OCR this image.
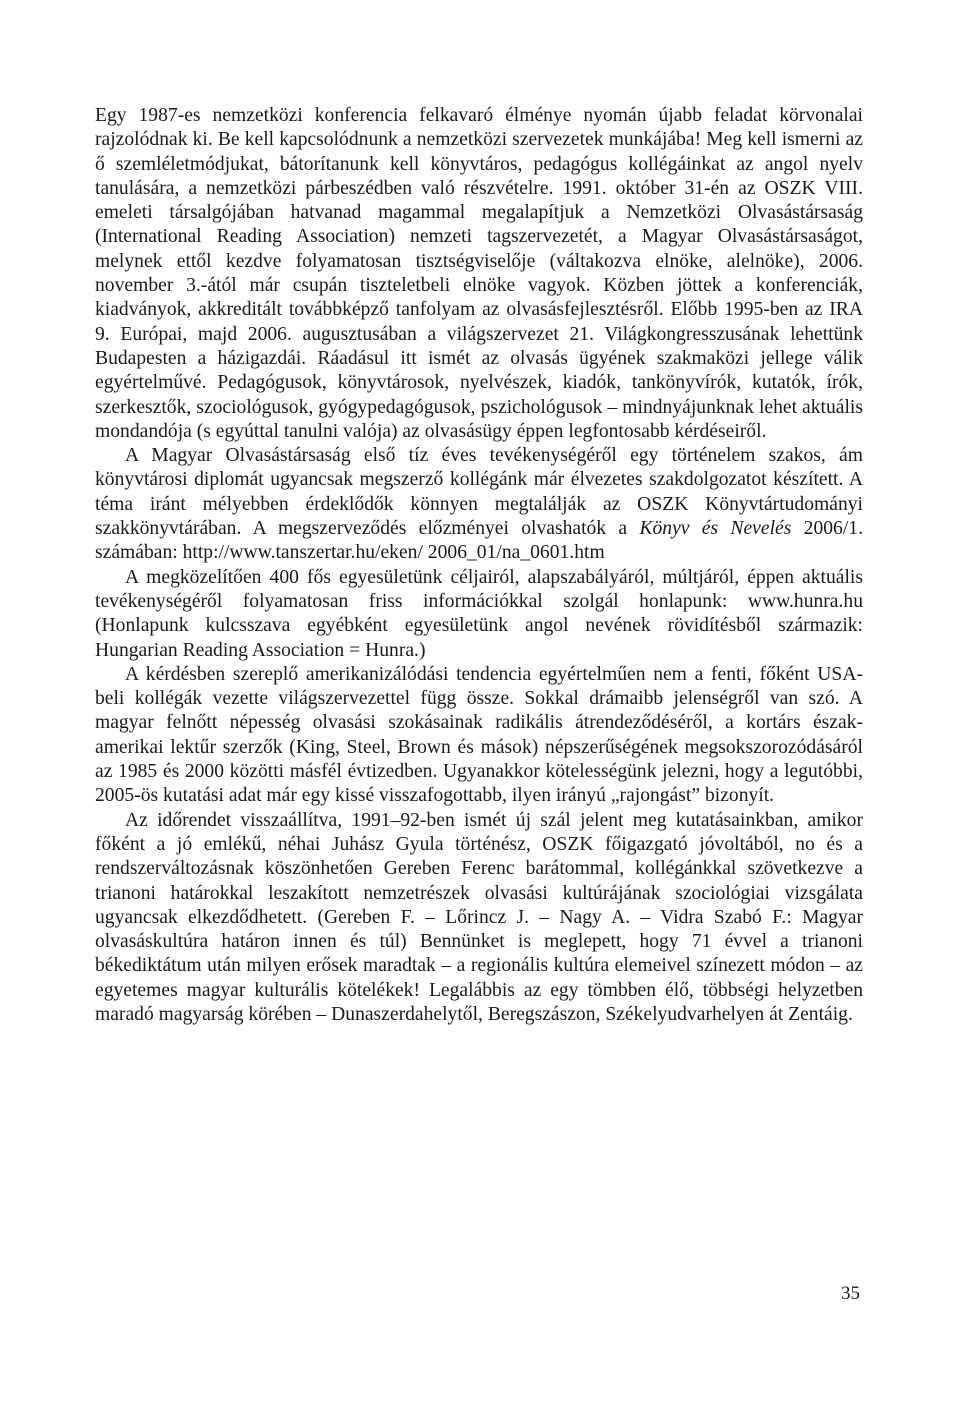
Egy 1987-es nemzetközi konferencia felkavaró élménye nyomán újabb feladat körvonalai rajzolódnak ki. Be kell kapcsolódnunk a nemzetközi szervezetek munkájába! Meg kell ismerni az ő szemléletmódjukat, bátorítanunk kell könyvtáros, pedagógus kollégáinkat az angol nyelv tanulására, a nemzetközi párbeszédben való részvételre. 1991. október 31-én az OSZK VIII. emeleti társalgójában hatvanad magammal megalapítjuk a Nemzetközi Olvasástársaság (International Reading Association) nemzeti tagszervezetét, a Magyar Olvasástársaságot, melynek ettől kezdve folyamatosan tisztségviselője (váltakozva elnöke, alelnöke), 2006. november 3.-ától már csupán tiszteletbeli elnöke vagyok. Közben jöttek a konferenciák, kiadványok, akkreditált továbbképző tanfolyam az olvasásfejlesztésről. Előbb 1995-ben az IRA 9. Európai, majd 2006. augusztusában a világszervezet 21. Világkongresszusának lehettünk Budapesten a házigazdái. Ráadásul itt ismét az olvasás ügyének szakmaközi jellege válik egyértelművé. Pedagógusok, könyvtárosok, nyelvészek, kiadók, tankönyvírók, kutatók, írók, szerkesztők, szociológusok, gyógypedagógusok, pszichológusok – mindnyájunknak lehet aktuális mondandója (s egyúttal tanulni valója) az olvasásügy éppen legfontosabb kérdéseiről.

A Magyar Olvasástársaság első tíz éves tevékenységéről egy történelem szakos, ám könyvtárosi diplomát ugyancsak megszerző kollégánk már élvezetes szakdolgozatot készített. A téma iránt mélyebben érdeklődők könnyen megtalálják az OSZK Könyvtártudományi szakkönyvtárában. A megszerveződés előzményei olvashatók a Könyv és Nevelés 2006/1. számában: http://www.tanszertar.hu/eken/ 2006_01/na_0601.htm

A megközelítően 400 fős egyesületünk céljairól, alapszabályáról, múltjáról, éppen aktuális tevékenységéről folyamatosan friss információkkal szolgál honlapunk: www.hunra.hu (Honlapunk kulcsszava egyébként egyesületünk angol nevének rövidítésből származik: Hungarian Reading Association = Hunra.)

A kérdésben szereplő amerikanizálódási tendencia egyértelműen nem a fenti, főként USA-beli kollégák vezette világszervezettel függ össze. Sokkal drámaibb jelenségről van szó. A magyar felnőtt népesség olvasási szokásainak radikális átrendeződéséről, a kortárs észak-amerikai lektűr szerzők (King, Steel, Brown és mások) népszerűségének megsokszorozódásáról az 1985 és 2000 közötti másfél évtizedben. Ugyanakkor kötelességünk jelezni, hogy a legutóbbi, 2005-ös kutatási adat már egy kissé visszafogottabb, ilyen irányú „rajongást” bizonyít.

Az időrendet visszaállítva, 1991–92-ben ismét új szál jelent meg kutatásainkban, amikor főként a jó emlékű, néhai Juhász Gyula történész, OSZK főigazgató jóvoltából, no és a rendszerváltozásnak köszönhetően Gereben Ferenc barátommal, kollégánkkal szövetkezve a trianoni határokkal leszakított nemzetrészek olvasási kultúrájának szociológiai vizsgálata ugyancsak elkezdődhetett. (Gereben F. – Lőrincz J. – Nagy A. – Vidra Szabó F.: Magyar olvasáskultúra határon innen és túl) Bennünket is meglepett, hogy 71 évvel a trianoni békediktátum után milyen erősek maradtak – a regionális kultúra elemeivel színezett módon – az egyetemes magyar kulturális kötelékek! Legalábbis az egy tömbben élő, többségi helyzetben maradó magyarság körében – Dunaszerdahelytől, Beregszászon, Székelyudvarhelyen át Zentáig.

35
